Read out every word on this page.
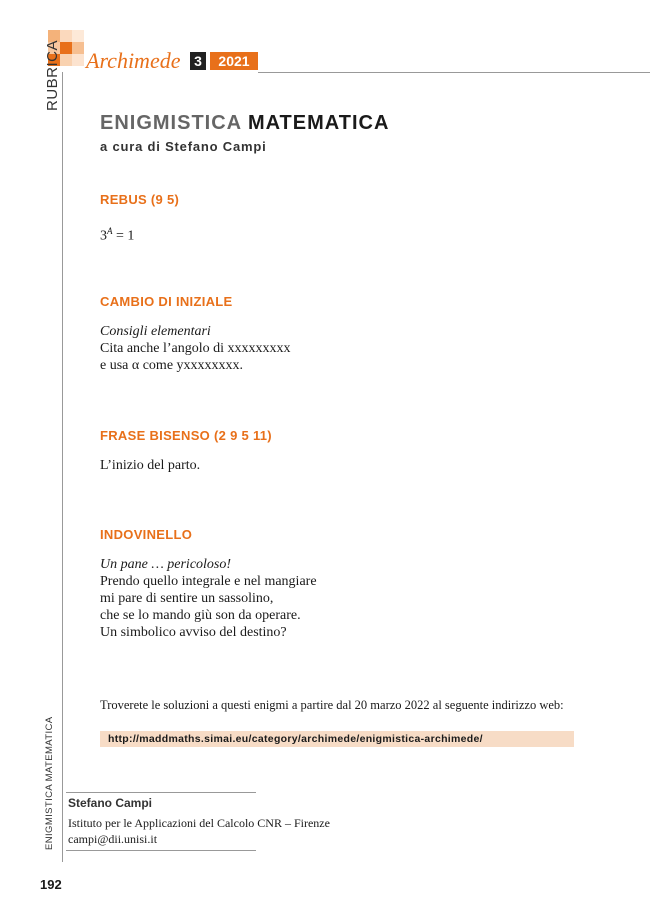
RUBRICA Archimede 3	2021
ENIGMISTICA MATEMATICA
a cura di Stefano Campi
REBUS (9 5)
$3^A = 1$
CAMBIO DI INIZIALE
Consigli elementari
Cita anche l’angolo di xxxxxxxxx
e usa α come yxxxxxxxx.
FRASE BISENSO (2 9 5 11)
L’inizio del parto.
INDOVINELLO
Un pane … pericoloso!
Prendo quello integrale e nel mangiare
mi pare di sentire un sassolino,
che se lo mando giù son da operare.
Un simbolico avviso del destino?
Troverete le soluzioni a questi enigmi a partire dal 20 marzo 2022 al seguente indirizzo web:
http://maddmaths.simai.eu/category/archimede/enigmistica-archimede/
Stefano Campi
Istituto per le Applicazioni del Calcolo CNR – Firenze
campi@dii.unisi.it
ENIGMISTICA MATEMATICA
192
